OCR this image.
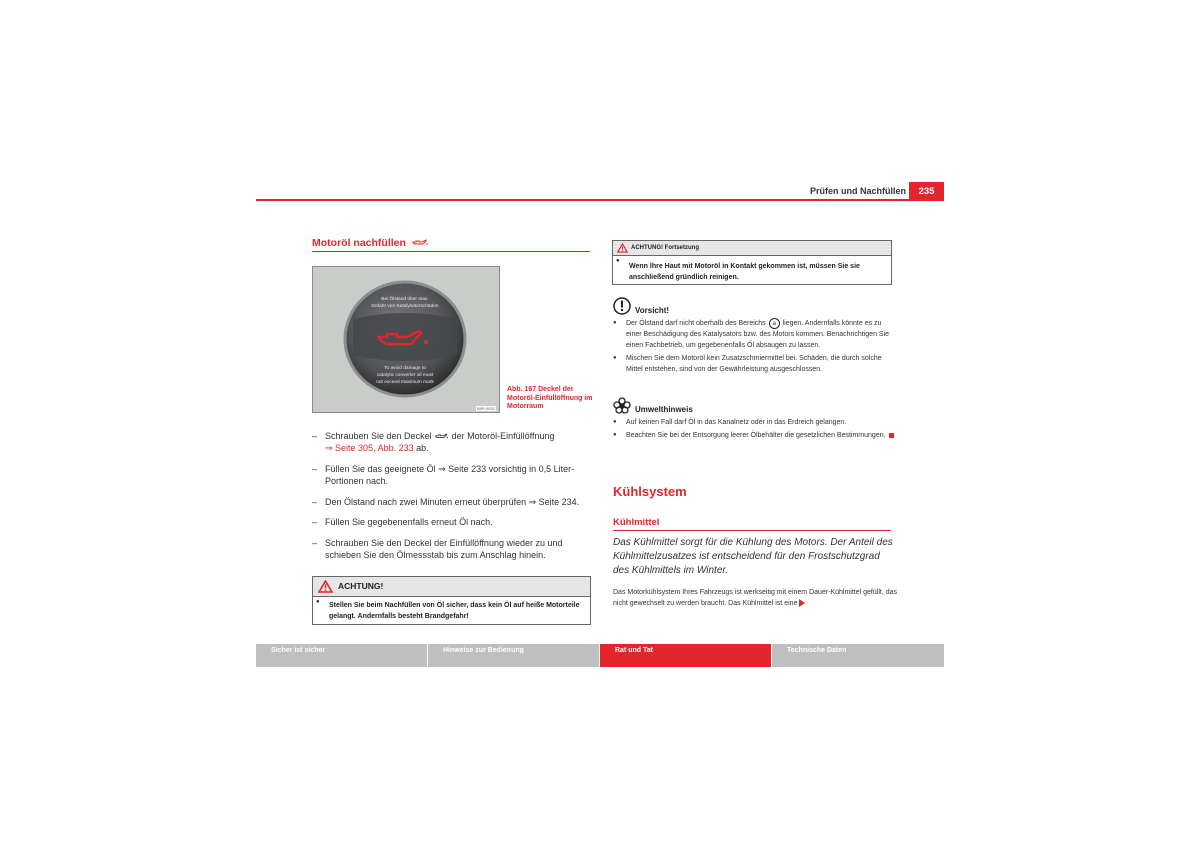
Prüfen und Nachfüllen	235
Motoröl nachfüllen
Bei Ölstand über max.
Gefahr von Katalysatorschäden
To avoid damage to
catalytic converter oil must
not exceed maximum mark
B5P-0032
Abb. 167 Deckel der Motoröl-Einfüllöffnung im Motorraum
– Schrauben Sie den Deckel der Motoröl-Einfüllöffnung
⇒ Seite 305, Abb. 233 ab.
– Füllen Sie das geeignete Öl ⇒ Seite 233 vorsichtig in 0,5 Liter-Portionen nach.
– Den Ölstand nach zwei Minuten erneut überprüfen ⇒ Seite 234.
– Füllen Sie gegebenenfalls erneut Öl nach.
– Schrauben Sie den Deckel der Einfüllöffnung wieder zu und schieben Sie den Ölmessstab bis zum Anschlag hinein.
ACHTUNG!
● Stellen Sie beim Nachfüllen von Öl sicher, dass kein Öl auf heiße Motorteile gelangt. Andernfalls besteht Brandgefahr!
ACHTUNG! Fortsetzung
● Wenn Ihre Haut mit Motoröl in Kontakt gekommen ist, müssen Sie sie anschließend gründlich reinigen.
Vorsicht!
● Der Ölstand darf nicht oberhalb des Bereichs a liegen. Andernfalls könnte es zu einer Beschädigung des Katalysators bzw. des Motors kommen. Benachrichtigen Sie einen Fachbetrieb, um gegebenenfalls Öl absaugen zu lassen.
● Mischen Sie dem Motoröl kein Zusatzschmiermittel bei. Schäden, die durch solche Mittel entstehen, sind von der Gewährleistung ausgeschlossen.
Umwelthinweis
● Auf keinen Fall darf Öl in das Kanalnetz oder in das Erdreich gelangen.
● Beachten Sie bei der Entsorgung leerer Ölbehälter die gesetzlichen Bestimmungen.
Kühlsystem
Kühlmittel
Das Kühlmittel sorgt für die Kühlung des Motors. Der Anteil des Kühlmittelzusatzes ist entscheidend für den Frostschutzgrad des Kühlmittels im Winter.
Das Motorkühlsystem Ihres Fahrzeugs ist werkseitig mit einem Dauer-Kühlmittel gefüllt, das nicht gewechselt zu werden braucht. Das Kühlmittel ist eine
Sicher ist sicher	Hinweise zur Bedienung	Rat und Tat	Technische Daten
